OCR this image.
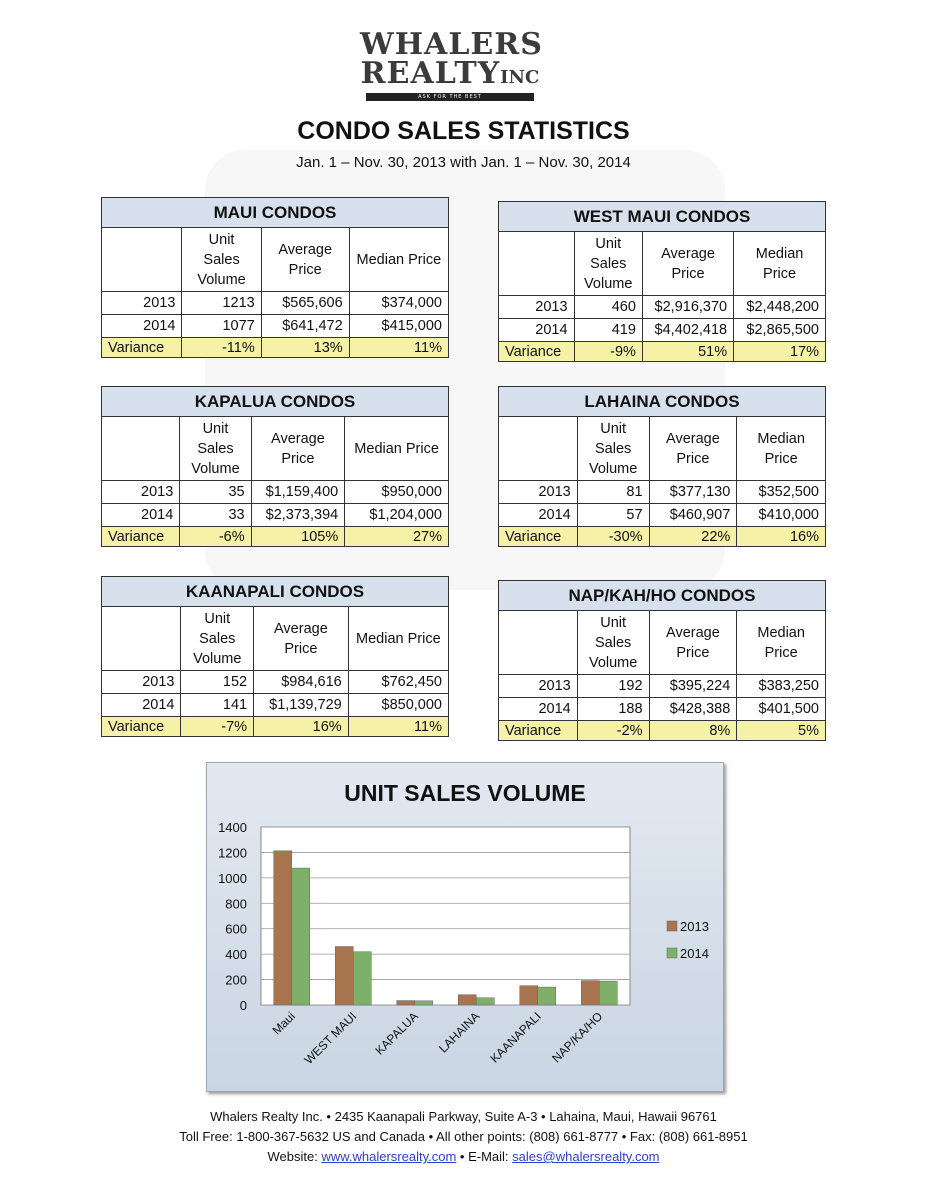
WHALERS
REALTYINC
ASK FOR THE BEST
CONDO SALES STATISTICS
Jan. 1 – Nov. 30, 2013 with Jan. 1 – Nov. 30, 2014
MAUI CONDOS			
	Unit
Sales
Volume	Average
Price	Median Price
2013	1213	$565,606	$374,000
2014	1077	$641,472	$415,000
Variance	-11%	13%	11%
WEST MAUI CONDOS			
	Unit
Sales
Volume	Average
Price	Median
Price
2013	460	$2,916,370	$2,448,200
2014	419	$4,402,418	$2,865,500
Variance	-9%	51%	17%
KAPALUA CONDOS			
	Unit
Sales
Volume	Average
Price	Median Price
2013	35	$1,159,400	$950,000
2014	33	$2,373,394	$1,204,000
Variance	-6%	105%	27%
LAHAINA CONDOS			
	Unit
Sales
Volume	Average
Price	Median
Price
2013	81	$377,130	$352,500
2014	57	$460,907	$410,000
Variance	-30%	22%	16%
KAANAPALI CONDOS			
	Unit
Sales
Volume	Average
Price	Median Price
2013	152	$984,616	$762,450
2014	141	$1,139,729	$850,000
Variance	-7%	16%	11%
NAP/KAH/HO CONDOS			
	Unit
Sales
Volume	Average
Price	Median
Price
2013	192	$395,224	$383,250
2014	188	$428,388	$401,500
Variance	-2%	8%	5%
UNIT SALES VOLUME
0
200
400
600
800
1000
1200
1400
Maui WEST MAUI KAPALUA LAHAINA KAANAPALI NAP/KA/HO
2013
2014
Whalers Realty Inc. • 2435 Kaanapali Parkway, Suite A-3 • Lahaina, Maui, Hawaii 96761
Toll Free: 1-800-367-5632 US and Canada • All other points: (808) 661-8777 • Fax: (808) 661-8951
Website: www.whalersrealty.com • E-Mail: sales@whalersrealty.com
